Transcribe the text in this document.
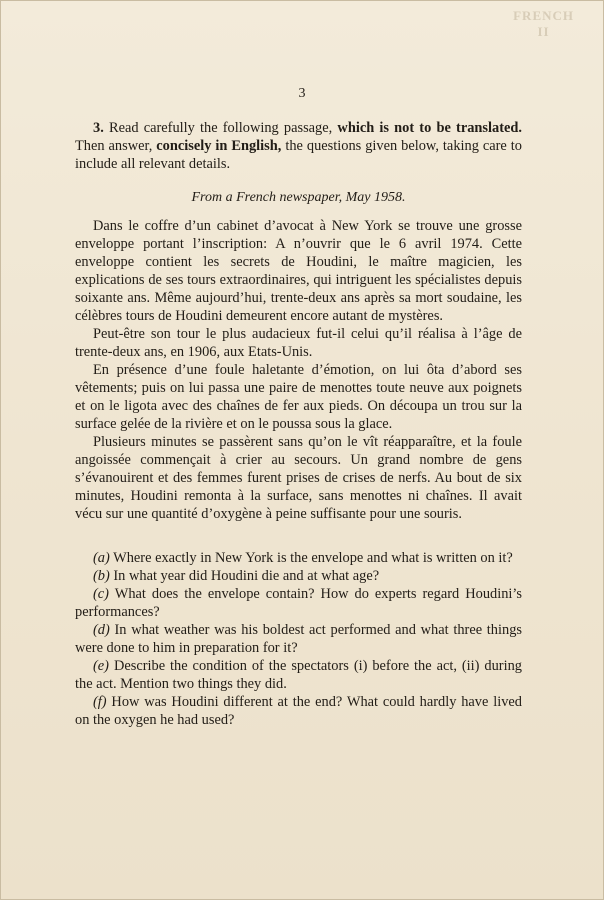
FRENCH
II
3

3. Read carefully the following passage, which is not to be translated. Then answer, concisely in English, the questions given below, taking care to include all relevant details.

From a French newspaper, May 1958.

Dans le coffre d’un cabinet d’avocat à New York se trouve une grosse enveloppe portant l’inscription: A n’ouvrir que le 6 avril 1974. Cette enveloppe contient les secrets de Houdini, le maître magicien, les explications de ses tours extraordinaires, qui intriguent les spécialistes depuis soixante ans. Même aujourd’hui, trente-deux ans après sa mort soudaine, les célèbres tours de Houdini demeurent encore autant de mystères.

Peut-être son tour le plus audacieux fut-il celui qu’il réalisa à l’âge de trente-deux ans, en 1906, aux Etats-Unis.

En présence d’une foule haletante d’émotion, on lui ôta d’abord ses vêtements; puis on lui passa une paire de menottes toute neuve aux poignets et on le ligota avec des chaînes de fer aux pieds. On découpa un trou sur la surface gelée de la rivière et on le poussa sous la glace.

Plusieurs minutes se passèrent sans qu’on le vît réapparaître, et la foule angoissée commençait à crier au secours. Un grand nombre de gens s’évanouirent et des femmes furent prises de crises de nerfs. Au bout de six minutes, Houdini remonta à la surface, sans menottes ni chaînes. Il avait vécu sur une quantité d’oxygène à peine suffisante pour une souris.

(a) Where exactly in New York is the envelope and what is written on it?

(b) In what year did Houdini die and at what age?

(c) What does the envelope contain? How do experts regard Houdini’s performances?

(d) In what weather was his boldest act performed and what three things were done to him in preparation for it?

(e) Describe the condition of the spectators (i) before the act, (ii) during the act. Mention two things they did.

(f) How was Houdini different at the end? What could hardly have lived on the oxygen he had used?
